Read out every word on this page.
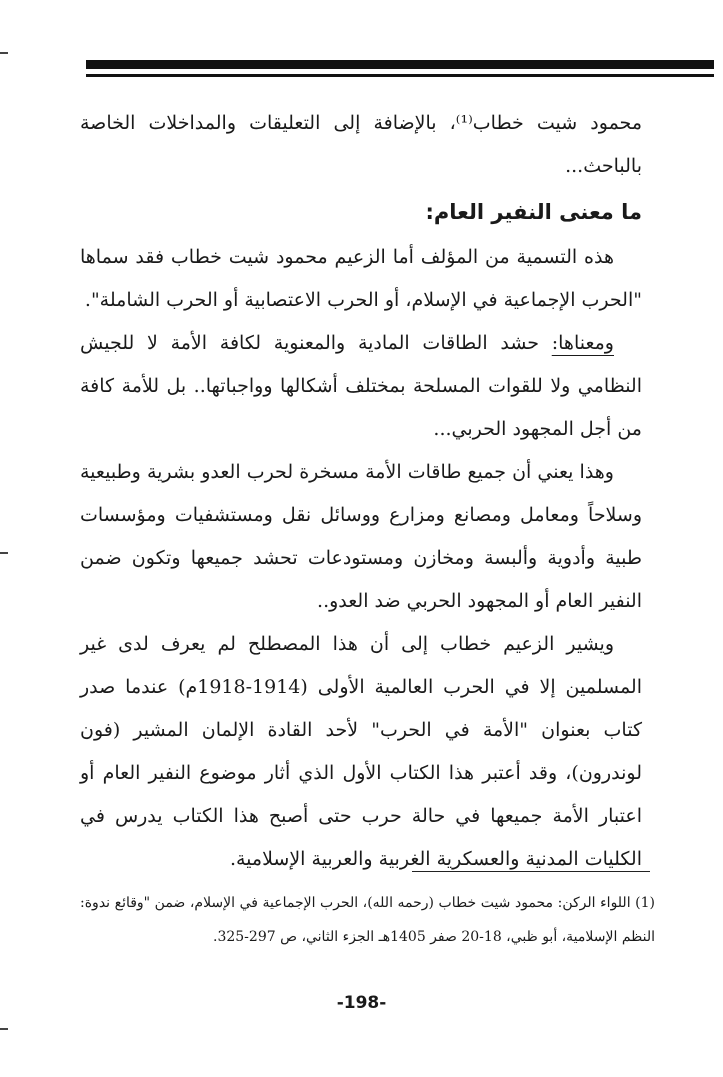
محمود شيت خطاب⁽¹⁾، بالإضافة إلى التعليقات والمداخلات الخاصة بالباحث...

ما معنى النفير العام:

هذه التسمية من المؤلف أما الزعيم محمود شيت خطاب فقد سماها "الحرب الإجماعية في الإسلام، أو الحرب الاعتصابية أو الحرب الشاملة".

ومعناها: حشد الطاقات المادية والمعنوية لكافة الأمة لا للجيش النظامي ولا للقوات المسلحة بمختلف أشكالها وواجباتها.. بل للأمة كافة من أجل المجهود الحربي...

وهذا يعني أن جميع طاقات الأمة مسخرة لحرب العدو بشرية وطبيعية وسلاحاً ومعامل ومصانع ومزارع ووسائل نقل ومستشفيات ومؤسسات طبية وأدوية وألبسة ومخازن ومستودعات تحشد جميعها وتكون ضمن النفير العام أو المجهود الحربي ضد العدو..

ويشير الزعيم خطاب إلى أن هذا المصطلح لم يعرف لدى غير المسلمين إلا في الحرب العالمية الأولى (1914-1918م) عندما صدر كتاب بعنوان "الأمة في الحرب" لأحد القادة الإلمان المشير (فون لوندرون)، وقد أعتبر هذا الكتاب الأول الذي أثار موضوع النفير العام أو اعتبار الأمة جميعها في حالة حرب حتى أصبح هذا الكتاب يدرس في الكليات المدنية والعسكرية الغربية والعربية الإسلامية.

(1) اللواء الركن: محمود شيت خطاب (رحمه الله)، الحرب الإجماعية في الإسلام، ضمن "وقائع ندوة: النظم الإسلامية، أبو ظبي، 18-20 صفر 1405هـ الجزء الثاني، ص 297-325.

-198-
